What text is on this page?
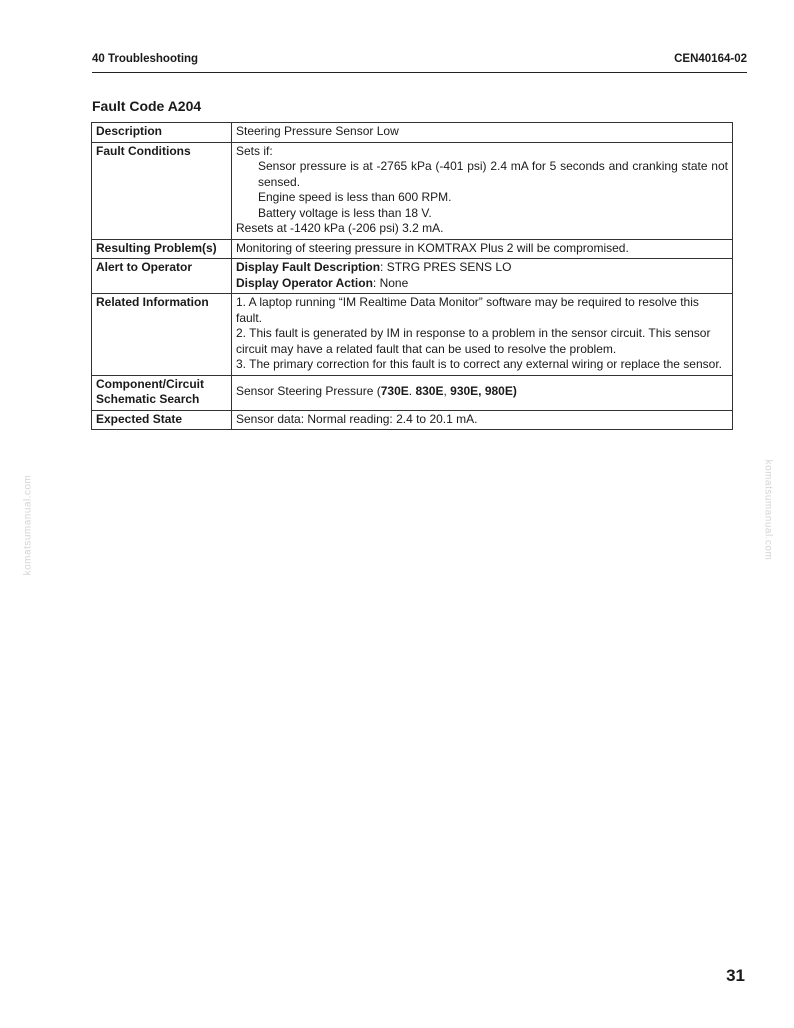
40 Troubleshooting	CEN40164-02
Fault Code A204
Description	Steering Pressure Sensor Low
Fault Conditions	Sets if:
Sensor pressure is at -2765 kPa (-401 psi) 2.4 mA for 5 seconds and cranking state not sensed.
Engine speed is less than 600 RPM.
Battery voltage is less than 18 V.
Resets at -1420 kPa (-206 psi) 3.2 mA.

Resulting Problem(s)	Monitoring of steering pressure in KOMTRAX Plus 2 will be compromised.
Alert to Operator	Display Fault Description: STRG PRES SENS LO
Display Operator Action: None

Related Information	1. A laptop running “IM Realtime Data Monitor” software may be required to resolve this fault.
2. This fault is generated by IM in response to a problem in the sensor circuit. This sensor circuit may have a related fault that can be used to resolve the problem.
3. The primary correction for this fault is to correct any external wiring or replace the sensor.

Component/Circuit
Schematic Search	Sensor Steering Pressure (730E. 830E, 930E, 980E)
Expected State	Sensor data: Normal reading: 2.4 to 20.1 mA.
komatsumanual.com	komatsumanual.com
31
